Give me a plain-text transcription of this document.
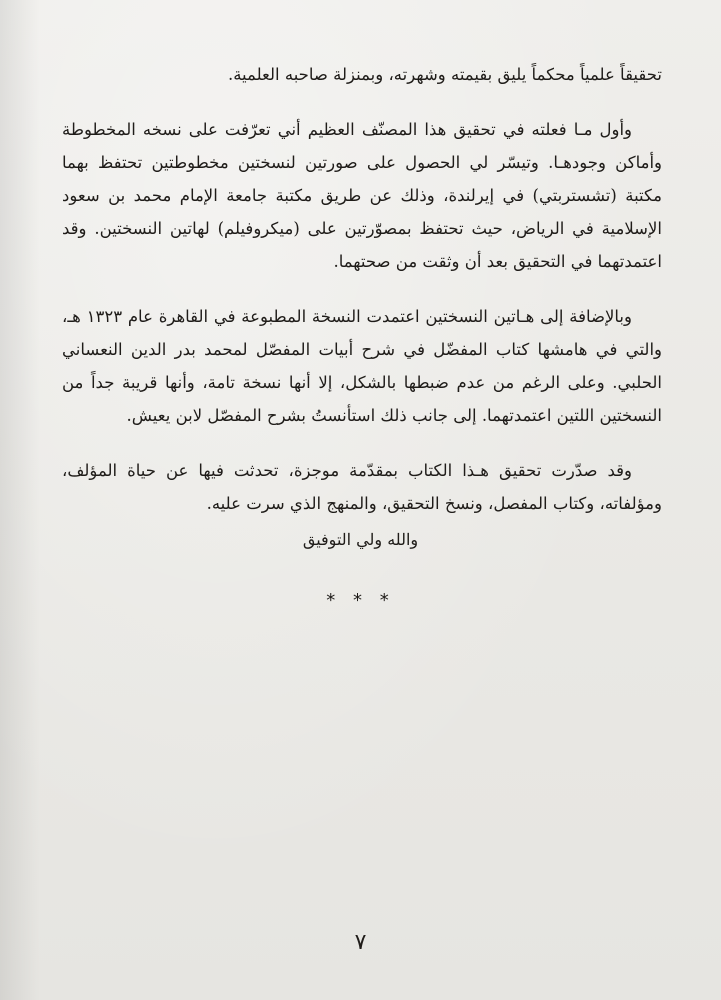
تحقيقاً علمياً محكماً يليق بقيمته وشهرته، وبمنزلة صاحبه العلمية.

وأول مـا فعلته في تحقيق هذا المصنّف العظيم أني تعرّفت على نسخه المخطوطة وأماكن وجودهـا. وتيسّر لي الحصول على صورتين لنسختين مخطوطتين تحتفظ بهما مكتبة (تشستربتي) في إيرلندة، وذلك عن طريق مكتبة جامعة الإمام محمد بن سعود الإسلامية في الرياض، حيث تحتفظ بمصوّرتين على (ميكروفيلم) لهاتين النسختين. وقد اعتمدتهما في التحقيق بعد أن وثقت من صحتهما.

وبالإضافة إلى هـاتين النسختين اعتمدت النسخة المطبوعة في القاهرة عام ١٣٢٣ هـ، والتي في هامشها كتاب المفضّل في شرح أبيات المفصّل لمحمد بدر الدين النعساني الحلبي. وعلى الرغم من عدم ضبطها بالشكل، إلا أنها نسخة تامة، وأنها قريبة جداً من النسختين اللتين اعتمدتهما. إلى جانب ذلك استأنستُ بشرح المفصّل لابن يعيش.

وقد صدّرت تحقيق هـذا الكتاب بمقدّمة موجزة، تحدثت فيها عن حياة المؤلف، ومؤلفاته، وكتاب المفصل، ونسخ التحقيق، والمنهج الذي سرت عليه.

والله ولي التوفيق
* * *
٧
